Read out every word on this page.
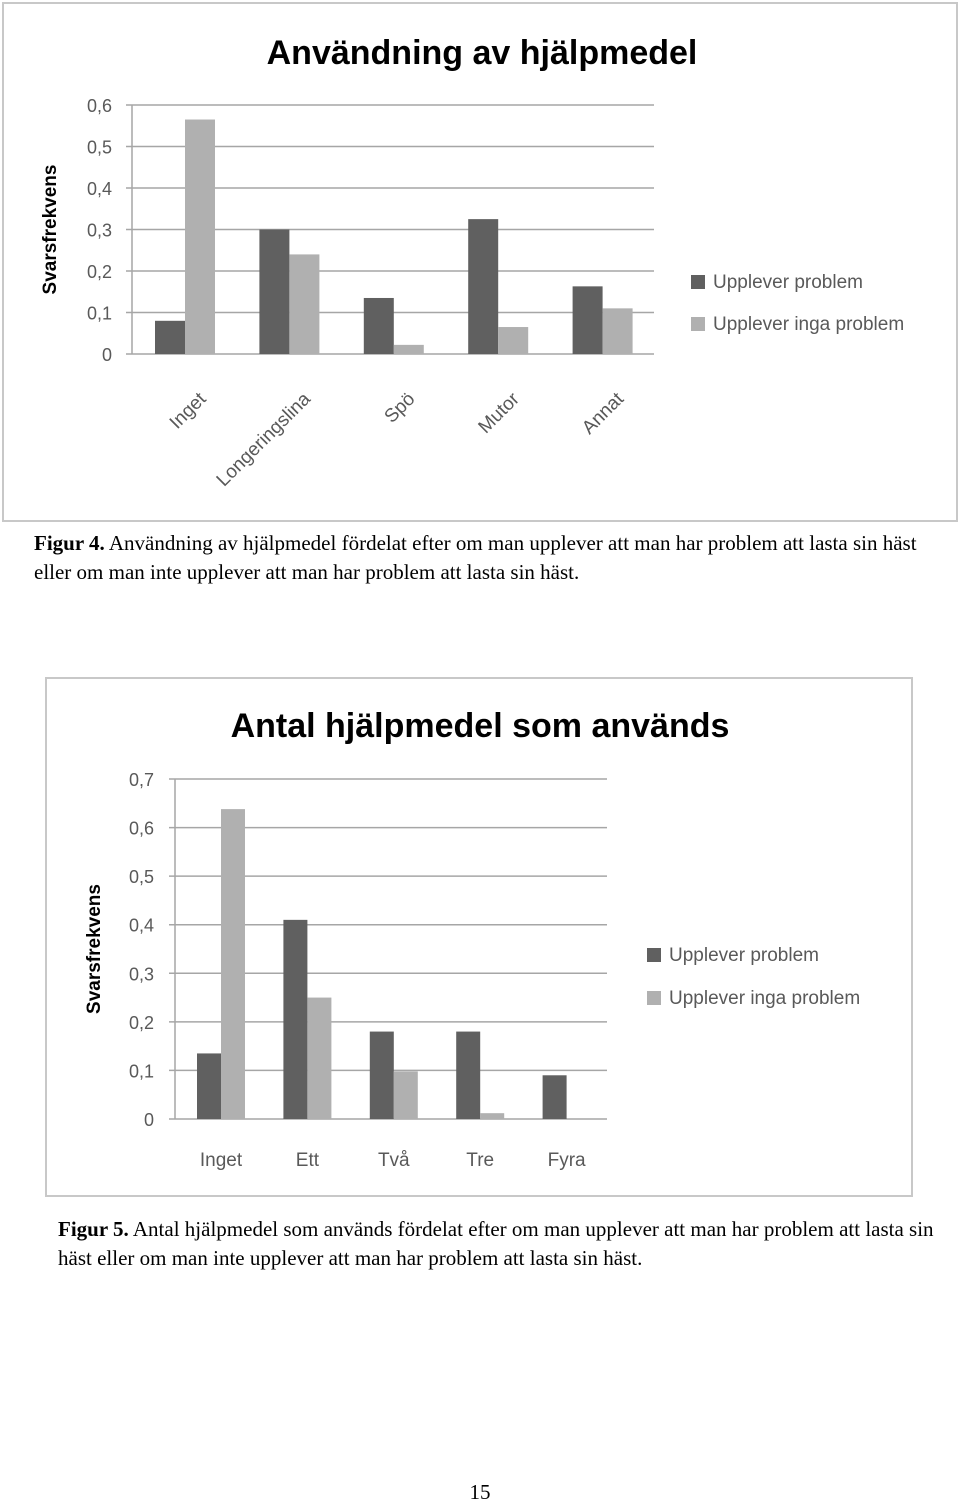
Användning av hjälpmedel
Svarsfrekvens
0
0,1
0,2
0,3
0,4
0,5
0,6
Inget Longeringslina	Spö	Mutor	Annat
Upplever problem
Upplever inga problem
Figur 4. Användning av hjälpmedel fördelat efter om man upplever att man har problem att lasta sin häst eller om man inte upplever att man har problem att lasta sin häst.
Antal hjälpmedel som används
Svarsfrekvens
0
0,1
0,2
0,3
0,4
0,5
0,6
0,7
Inget	Ett	Två	Tre	Fyra
Upplever problem
Upplever inga problem
Figur 5. Antal hjälpmedel som används fördelat efter om man upplever att man har problem att lasta sin häst eller om man inte upplever att man har problem att lasta sin häst.
15
